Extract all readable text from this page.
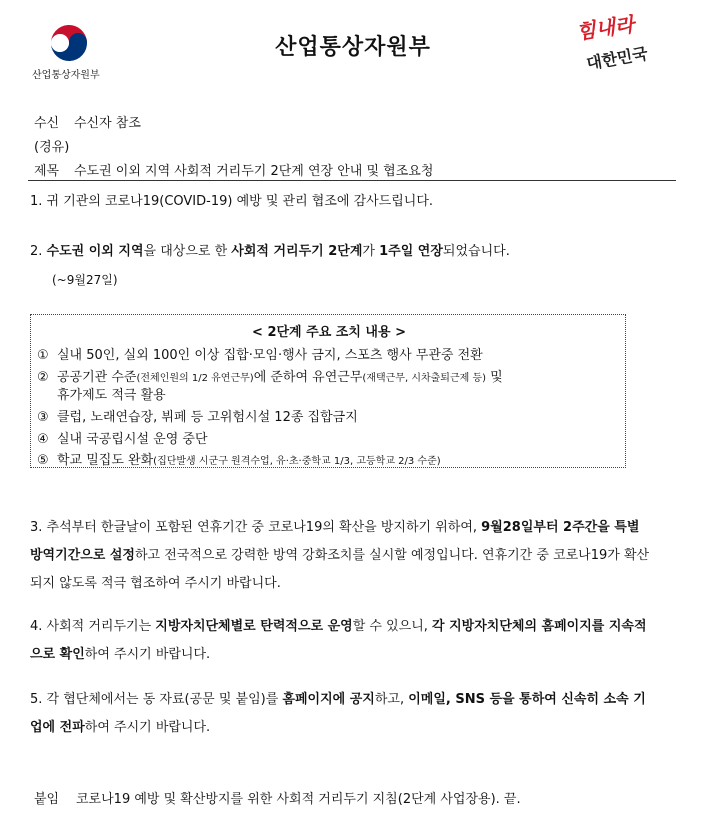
산업통상자원부
산업통상자원부
힘내라
대한민국
수신 수신자 참조
(경유)
제목 수도권 이외 지역 사회적 거리두기 2단계 연장 안내 및 협조요청
1. 귀 기관의 코로나19(COVID-19) 예방 및 관리 협조에 감사드립니다.
2. 수도권 이외 지역을 대상으로 한 사회적 거리두기 2단계가 1주일 연장되었습니다.
(~9월27일)
< 2단계 주요 조치 내용 >
① 실내 50인, 실외 100인 이상 집합·모임·행사 금지, 스포츠 행사 무관중 전환
② 공공기관 수준(전체인원의 1/2 유연근무)에 준하여 유연근무(재택근무, 시차출퇴근제 등) 및
휴가제도 적극 활용
③ 클럽, 노래연습장, 뷔페 등 고위험시설 12종 집합금지
④ 실내 국공립시설 운영 중단
⑤ 학교 밀집도 완화(집단발생 시군구 원격수업, 유·초·중학교 1/3, 고등학교 2/3 수준)
3. 추석부터 한글날이 포함된 연휴기간 중 코로나19의 확산을 방지하기 위하여, 9월28일부터 2주간을 특별방역기간으로 설정하고 전국적으로 강력한 방역 강화조치를 실시할 예정입니다. 연휴기간 중 코로나19가 확산되지 않도록 적극 협조하여 주시기 바랍니다.
4. 사회적 거리두기는 지방자치단체별로 탄력적으로 운영할 수 있으니, 각 지방자치단체의 홈페이지를 지속적으로 확인하여 주시기 바랍니다.
5. 각 협단체에서는 동 자료(공문 및 붙임)를 홈페이지에 공지하고, 이메일, SNS 등을 통하여 신속히 소속 기업에 전파하여 주시기 바랍니다.
붙임 코로나19 예방 및 확산방지를 위한 사회적 거리두기 지침(2단계 사업장용). 끝.
